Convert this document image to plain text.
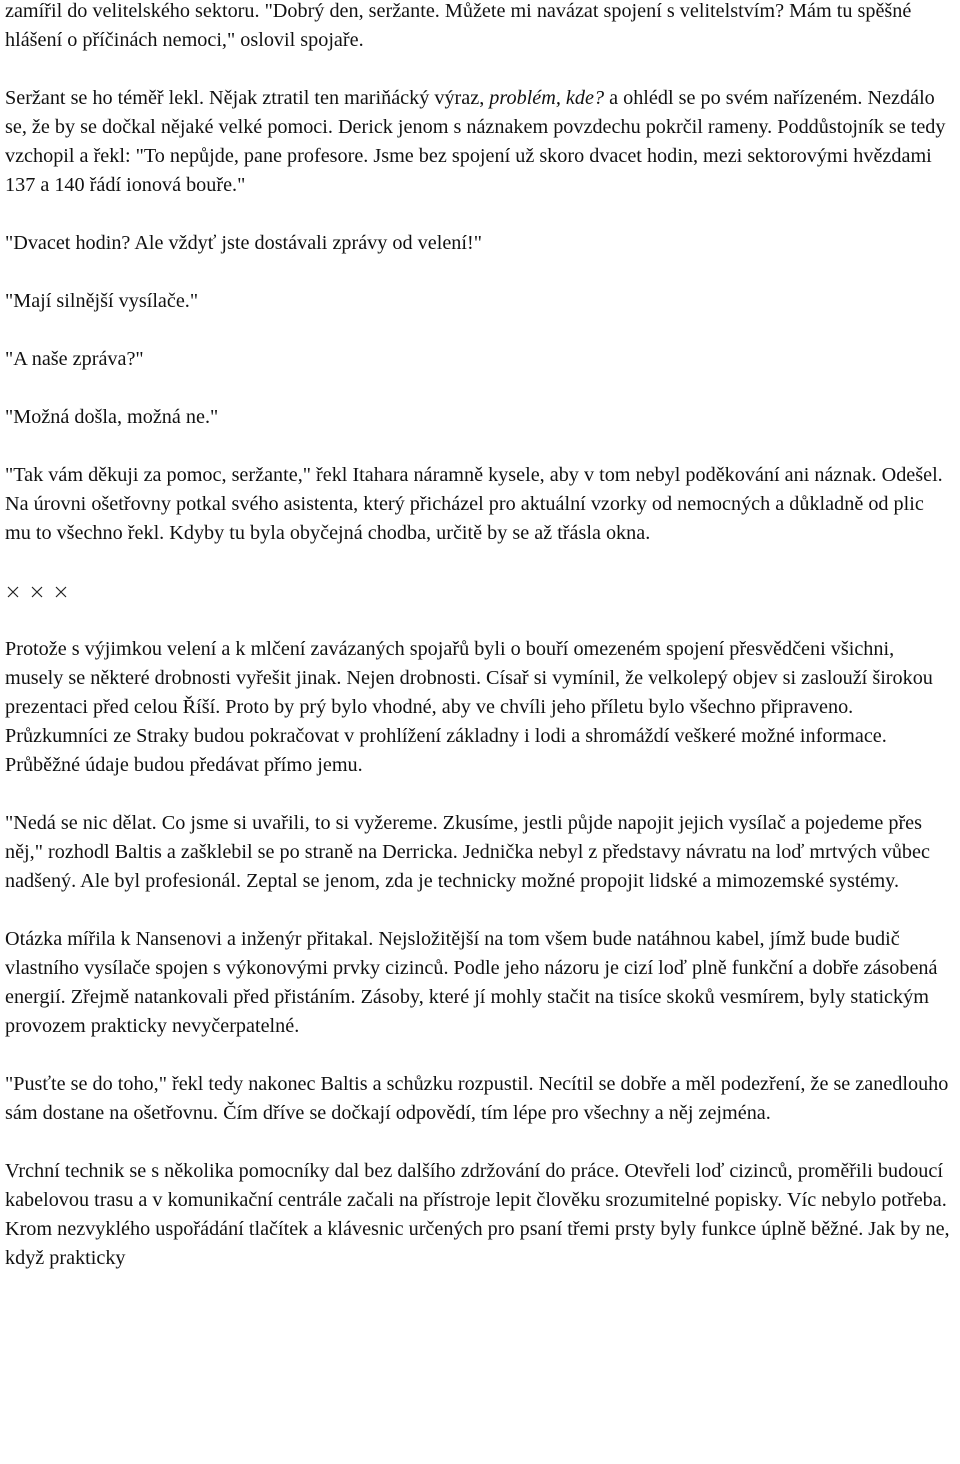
zamířil do velitelského sektoru. "Dobrý den, seržante. Můžete mi navázat spojení s velitelstvím? Mám tu spěšné hlášení o příčinách nemoci," oslovil spojaře.

Seržant se ho téměř lekl. Nějak ztratil ten mariňácký výraz, problém, kde? a ohlédl se po svém nařízeném. Nezdálo se, že by se dočkal nějaké velké pomoci. Derick jenom s náznakem povzdechu pokrčil rameny. Poddůstojník se tedy vzchopil a řekl: "To nepůjde, pane profesore. Jsme bez spojení už skoro dvacet hodin, mezi sektorovými hvězdami 137 a 140 řádí ionová bouře."

"Dvacet hodin? Ale vždyť jste dostávali zprávy od velení!"

"Mají silnější vysílače."

"A naše zpráva?"

"Možná došla, možná ne."

"Tak vám děkuji za pomoc, seržante," řekl Itahara náramně kysele, aby v tom nebyl poděkování ani náznak. Odešel. Na úrovni ošetřovny potkal svého asistenta, který přicházel pro aktuální vzorky od nemocných a důkladně od plic mu to všechno řekl. Kdyby tu byla obyčejná chodba, určitě by se až třásla okna.

Protože s výjimkou velení a k mlčení zavázaných spojařů byli o bouří omezeném spojení přesvědčeni všichni, musely se některé drobnosti vyřešit jinak. Nejen drobnosti. Císař si vymínil, že velkolepý objev si zaslouží širokou prezentaci před celou Říší. Proto by prý bylo vhodné, aby ve chvíli jeho příletu bylo všechno připraveno. Průzkumníci ze Straky budou pokračovat v prohlížení základny i lodi a shromáždí veškeré možné informace. Průběžné údaje budou předávat přímo jemu.

"Nedá se nic dělat. Co jsme si uvařili, to si vyžereme. Zkusíme, jestli půjde napojit jejich vysílač a pojedeme přes něj," rozhodl Baltis a zašklebil se po straně na Derricka. Jednička nebyl z představy návratu na loď mrtvých vůbec nadšený. Ale byl profesionál. Zeptal se jenom, zda je technicky možné propojit lidské a mimozemské systémy.

Otázka mířila k Nansenovi a inženýr přitakal. Nejsložitější na tom všem bude natáhnou kabel, jímž bude budič vlastního vysílače spojen s výkonovými prvky cizinců. Podle jeho názoru je cizí loď plně funkční a dobře zásobená energií. Zřejmě natankovali před přistáním. Zásoby, které jí mohly stačit na tisíce skoků vesmírem, byly statickým provozem prakticky nevyčerpatelné.

"Pusťte se do toho," řekl tedy nakonec Baltis a schůzku rozpustil. Necítil se dobře a měl podezření, že se zanedlouho sám dostane na ošetřovnu. Čím dříve se dočkají odpovědí, tím lépe pro všechny a něj zejména.

Vrchní technik se s několika pomocníky dal bez dalšího zdržování do práce. Otevřeli loď cizinců, proměřili budoucí kabelovou trasu a v komunikační centrále začali na přístroje lepit člověku srozumitelné popisky. Víc nebylo potřeba. Krom nezvyklého uspořádání tlačítek a klávesnic určených pro psaní třemi prsty byly funkce úplně běžné. Jak by ne, když prakticky
